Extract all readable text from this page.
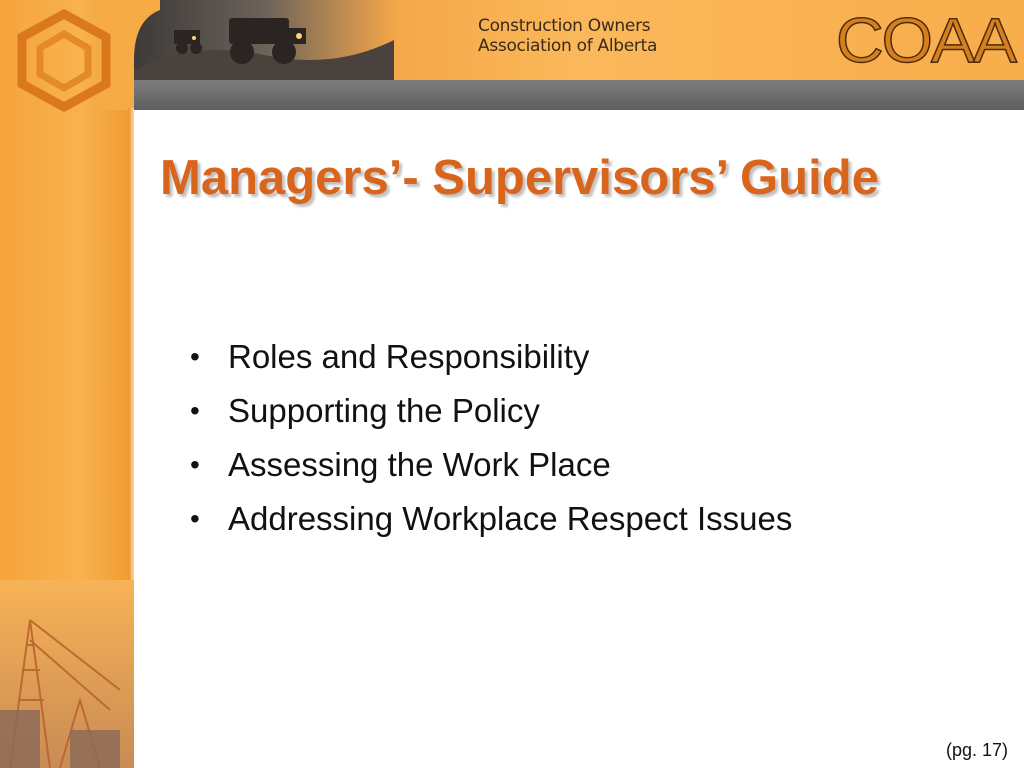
Construction Owners
Association of Alberta	COAA
Managers’- Supervisors’ Guide
• Roles and Responsibility
• Supporting the Policy
• Assessing the Work Place
• Addressing Workplace Respect Issues
(pg. 17)
